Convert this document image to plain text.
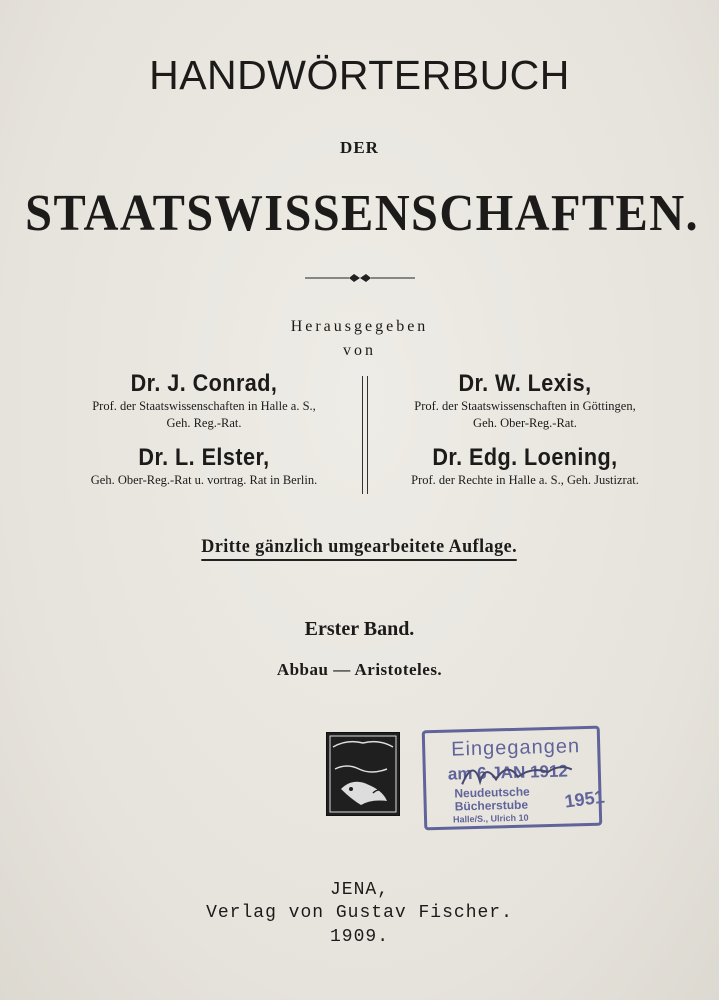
HANDWÖRTERBUCH
DER
STAATSWISSENSCHAFTEN.
Herausgegeben
von
Dr. J. Conrad,
Prof. der Staatswissenschaften in Halle a. S.,
Geh. Reg.-Rat.
Dr. W. Lexis,
Prof. der Staatswissenschaften in Göttingen,
Geh. Ober-Reg.-Rat.
Dr. L. Elster,
Geh. Ober-Reg.-Rat u. vortrag. Rat in Berlin.
Dr. Edg. Loening,
Prof. der Rechte in Halle a. S., Geh. Justizrat.
Dritte gänzlich umgearbeitete Auflage.
Erster Band.
Abbau — Aristoteles.
Eingegangen
am 6 JAN 1912
Neudeutsche
Bücherstube
Halle/S., Ulrich 10
1951
JENA,
Verlag von Gustav Fischer.
1909.
